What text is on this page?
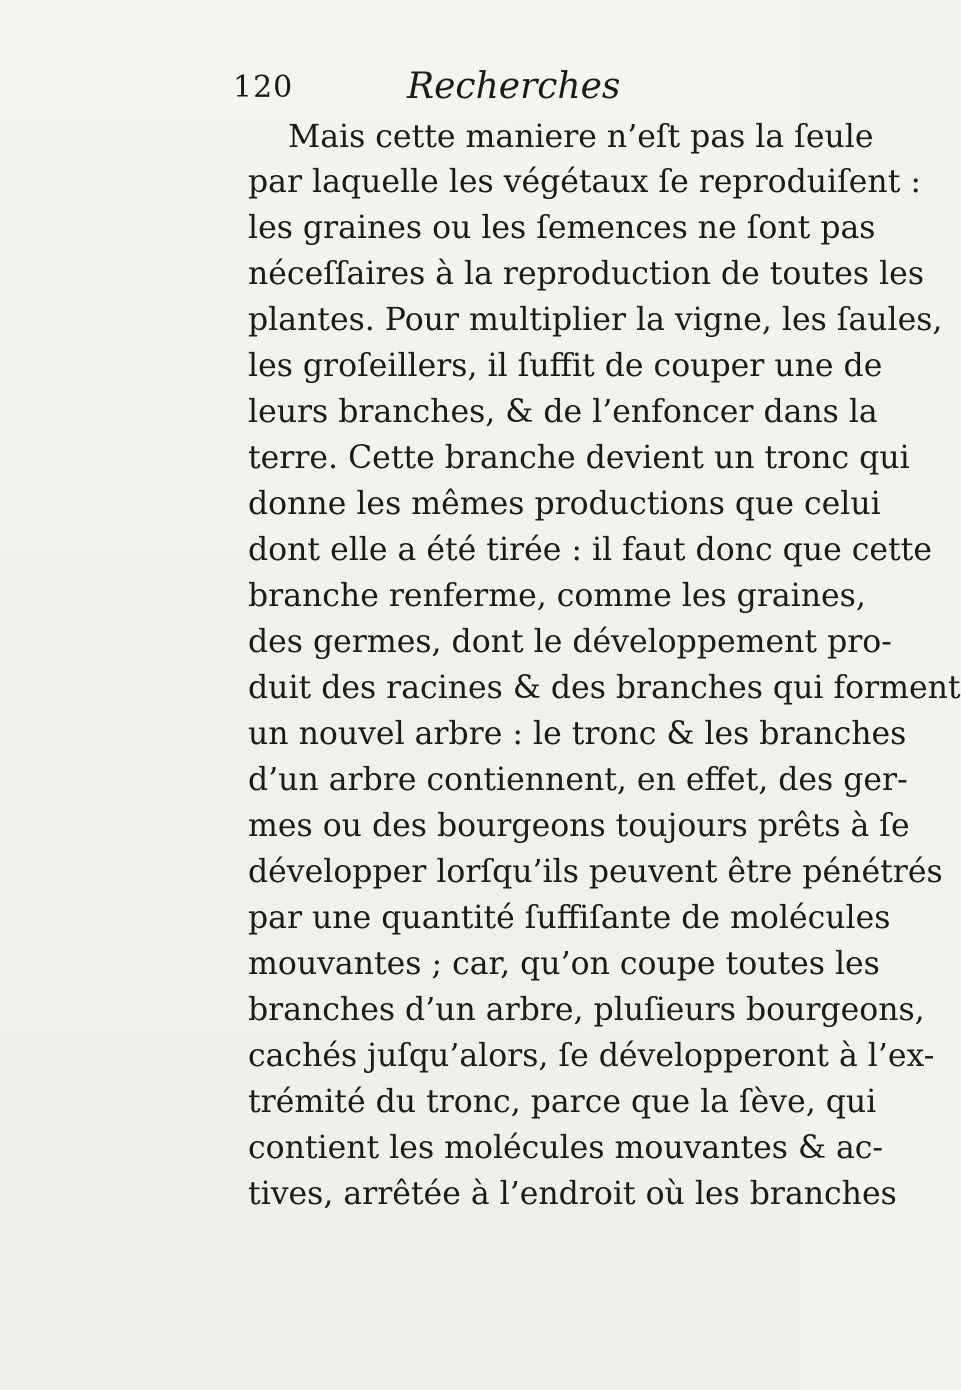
120	Recherches
Mais cette maniere n’eſt pas la ſeule
par laquelle les végétaux ſe reproduiſent :
les graines ou les ſemences ne ſont pas
néceſſaires à la reproduction de toutes les
plantes. Pour multiplier la vigne, les ſaules,
les groſeillers, il ſuffit de couper une de
leurs branches, & de l’enfoncer dans la
terre. Cette branche devient un tronc qui
donne les mêmes productions que celui
dont elle a été tirée : il faut donc que cette
branche renferme, comme les graines,
des germes, dont le développement pro-
duit des racines & des branches qui forment
un nouvel arbre : le tronc & les branches
d’un arbre contiennent, en effet, des ger-
mes ou des bourgeons toujours prêts à ſe
développer lorſqu’ils peuvent être pénétrés
par une quantité ſuffiſante de molécules
mouvantes ; car, qu’on coupe toutes les
branches d’un arbre, pluſieurs bourgeons,
cachés juſqu’alors, ſe développeront à l’ex-
trémité du tronc, parce que la ſève, qui
contient les molécules mouvantes & ac-
tives, arrêtée à l’endroit où les branches
